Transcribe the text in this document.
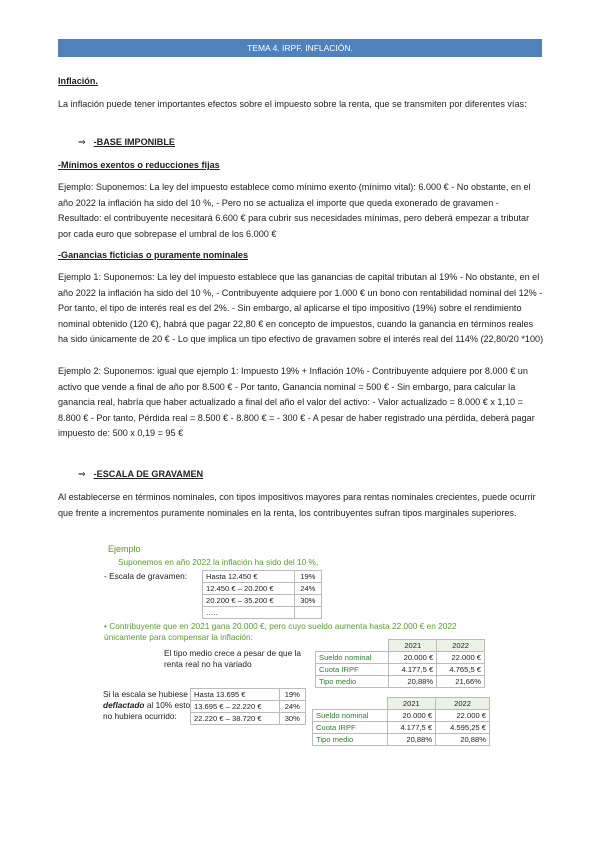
TEMA 4. IRPF. INFLACIÓN.
Inflación.
La inflación puede tener importantes efectos sobre el impuesto sobre la renta, que se transmiten por diferentes vías:
⇒ -BASE IMPONIBLE
-Mínimos exentos o reducciones fijas
Ejemplo: Suponemos: La ley del impuesto establece como mínimo exento (mínimo vital): 6.000 € - No obstante, en el año 2022 la inflación ha sido del 10 %, - Pero no se actualiza el importe que queda exonerado de gravamen - Resultado: el contribuyente necesitará 6.600 € para cubrir sus necesidades mínimas, pero deberá empezar a tributar por cada euro que sobrepase el umbral de los 6.000 €
-Ganancias ficticias o puramente nominales
Ejemplo 1: Suponemos: La ley del impuesto establece que las ganancias de capital tributan al 19% - No obstante, en el año 2022 la inflación ha sido del 10 %, - Contribuyente adquiere por 1.000 € un bono con rentabilidad nominal del 12% - Por tanto, el tipo de interés real es del 2%. - Sin embargo, al aplicarse el tipo impositivo (19%) sobre el rendimiento nominal obtenido (120 €), habrá que pagar 22,80 € en concepto de impuestos, cuando la ganancia en términos reales ha sido únicamente de 20 € - Lo que implica un tipo efectivo de gravamen sobre el interés real del 114% (22,80/20 *100)
Ejemplo 2: Suponemos: igual que ejemplo 1: Impuesto 19% + Inflación 10% - Contribuyente adquiere por 8.000 € un activo que vende a final de año por 8.500 € - Por tanto, Ganancia nominal = 500 € - Sin embargo, para calcular la ganancia real, habría que haber actualizado a final del año el valor del activo: - Valor actualizado = 8.000 € x 1,10 = 8.800 € - Por tanto, Pérdida real = 8.500 € - 8.800 € = - 300 € - A pesar de haber registrado una pérdida, deberá pagar impuesto de: 500 x 0,19 = 95 €
⇒ -ESCALA DE GRAVAMEN
Al establecerse en términos nominales, con tipos impositivos mayores para rentas nominales crecientes, puede ocurrir que frente a incrementos puramente nominales en la renta, los contribuyentes sufran tipos marginales superiores.
Ejemplo
Suponemos en año 2022 la inflación ha sido del 10 %,
- Escala de gravamen: Hasta 12.450 €	19%
12.450 € – 20.200 €	24%
20.200 € – 35.200 €	30%
…..	
• Contribuyente que en 2021 gana 20.000 €, pero cuyo sueldo aumenta hasta 22.000 € en 2022 únicamente para compensar la inflación:
El tipo medio crece a pesar de que la renta real no ha variado
	2021	2022
Sueldo nominal	20.000 €	22.000 €
Cuota IRPF	4.177,5 €	4.765,5 €
Tipo medio	20,88%	21,66%
Si la escala se hubiese
deflactado al 10% esto
no hubiera ocurrido:
Hasta 13.695 €	19%
13.695 € – 22.220 €	24%
22.220 € – 38.720 €	30%
	2021	2022
Sueldo nominal	20.000 €	22.000 €
Cuota IRPF	4.177,5 €	4.595,25 €
Tipo medio	20,88%	20,88%
